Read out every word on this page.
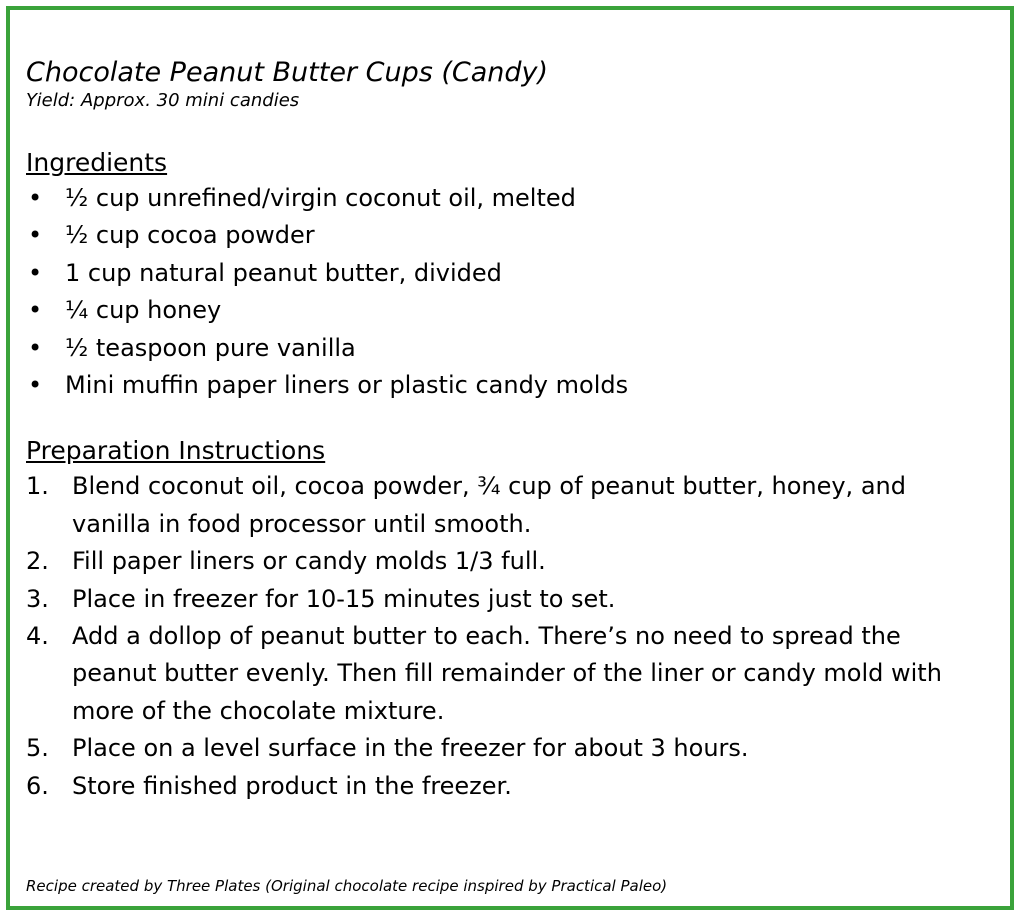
Chocolate Peanut Butter Cups (Candy)
Yield: Approx. 30 mini candies
Ingredients
• ½ cup unrefined/virgin coconut oil, melted
• ½ cup cocoa powder
• 1 cup natural peanut butter, divided
• ¼ cup honey
• ½ teaspoon pure vanilla
• Mini muffin paper liners or plastic candy molds
Preparation Instructions
1. Blend coconut oil, cocoa powder, ¾ cup of peanut butter, honey, and vanilla in food processor until smooth.
2. Fill paper liners or candy molds 1/3 full.
3. Place in freezer for 10-15 minutes just to set.
4. Add a dollop of peanut butter to each. There’s no need to spread the peanut butter evenly. Then fill remainder of the liner or candy mold with more of the chocolate mixture.
5. Place on a level surface in the freezer for about 3 hours.
6. Store finished product in the freezer.
Recipe created by Three Plates (Original chocolate recipe inspired by Practical Paleo)
